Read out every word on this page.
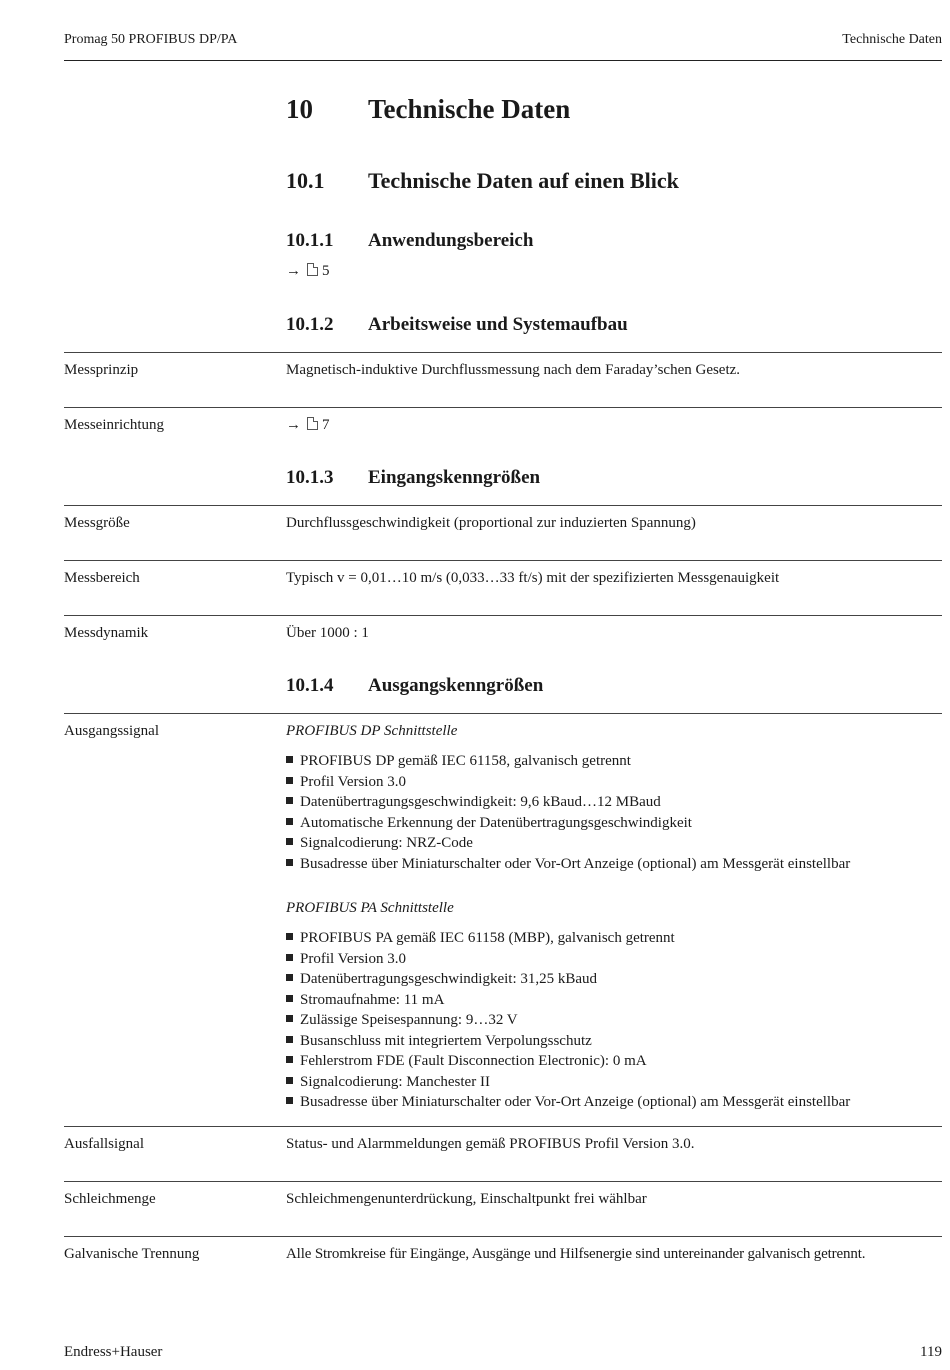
Promag 50 PROFIBUS DP/PA	Technische Daten
10 Technische Daten
10.1 Technische Daten auf einen Blick
10.1.1 Anwendungsbereich
→ 5
10.1.2 Arbeitsweise und Systemaufbau
Messprinzip	Magnetisch-induktive Durchflussmessung nach dem Faraday’schen Gesetz.
Messeinrichtung	→ 7
10.1.3 Eingangskenngrößen
Messgröße	Durchflussgeschwindigkeit (proportional zur induzierten Spannung)
Messbereich	Typisch v = 0,01…10 m/s (0,033…33 ft/s) mit der spezifizierten Messgenauigkeit
Messdynamik	Über 1000 : 1
10.1.4 Ausgangskenngrößen
Ausgangssignal	PROFIBUS DP Schnittstelle
PROFIBUS DP gemäß IEC 61158, galvanisch getrennt
Profil Version 3.0
Datenübertragungsgeschwindigkeit: 9,6 kBaud…12 MBaud
Automatische Erkennung der Datenübertragungsgeschwindigkeit
Signalcodierung: NRZ-Code
Busadresse über Miniaturschalter oder Vor-Ort Anzeige (optional) am Messgerät einstellbar
PROFIBUS PA Schnittstelle
PROFIBUS PA gemäß IEC 61158 (MBP), galvanisch getrennt
Profil Version 3.0
Datenübertragungsgeschwindigkeit: 31,25 kBaud
Stromaufnahme: 11 mA
Zulässige Speisespannung: 9…32 V
Busanschluss mit integriertem Verpolungsschutz
Fehlerstrom FDE (Fault Disconnection Electronic): 0 mA
Signalcodierung: Manchester II
Busadresse über Miniaturschalter oder Vor-Ort Anzeige (optional) am Messgerät einstellbar
Ausfallsignal	Status- und Alarmmeldungen gemäß PROFIBUS Profil Version 3.0.
Schleichmenge	Schleichmengenunterdrückung, Einschaltpunkt frei wählbar
Galvanische Trennung	Alle Stromkreise für Eingänge, Ausgänge und Hilfsenergie sind untereinander galvanisch getrennt.
Endress+Hauser	119
